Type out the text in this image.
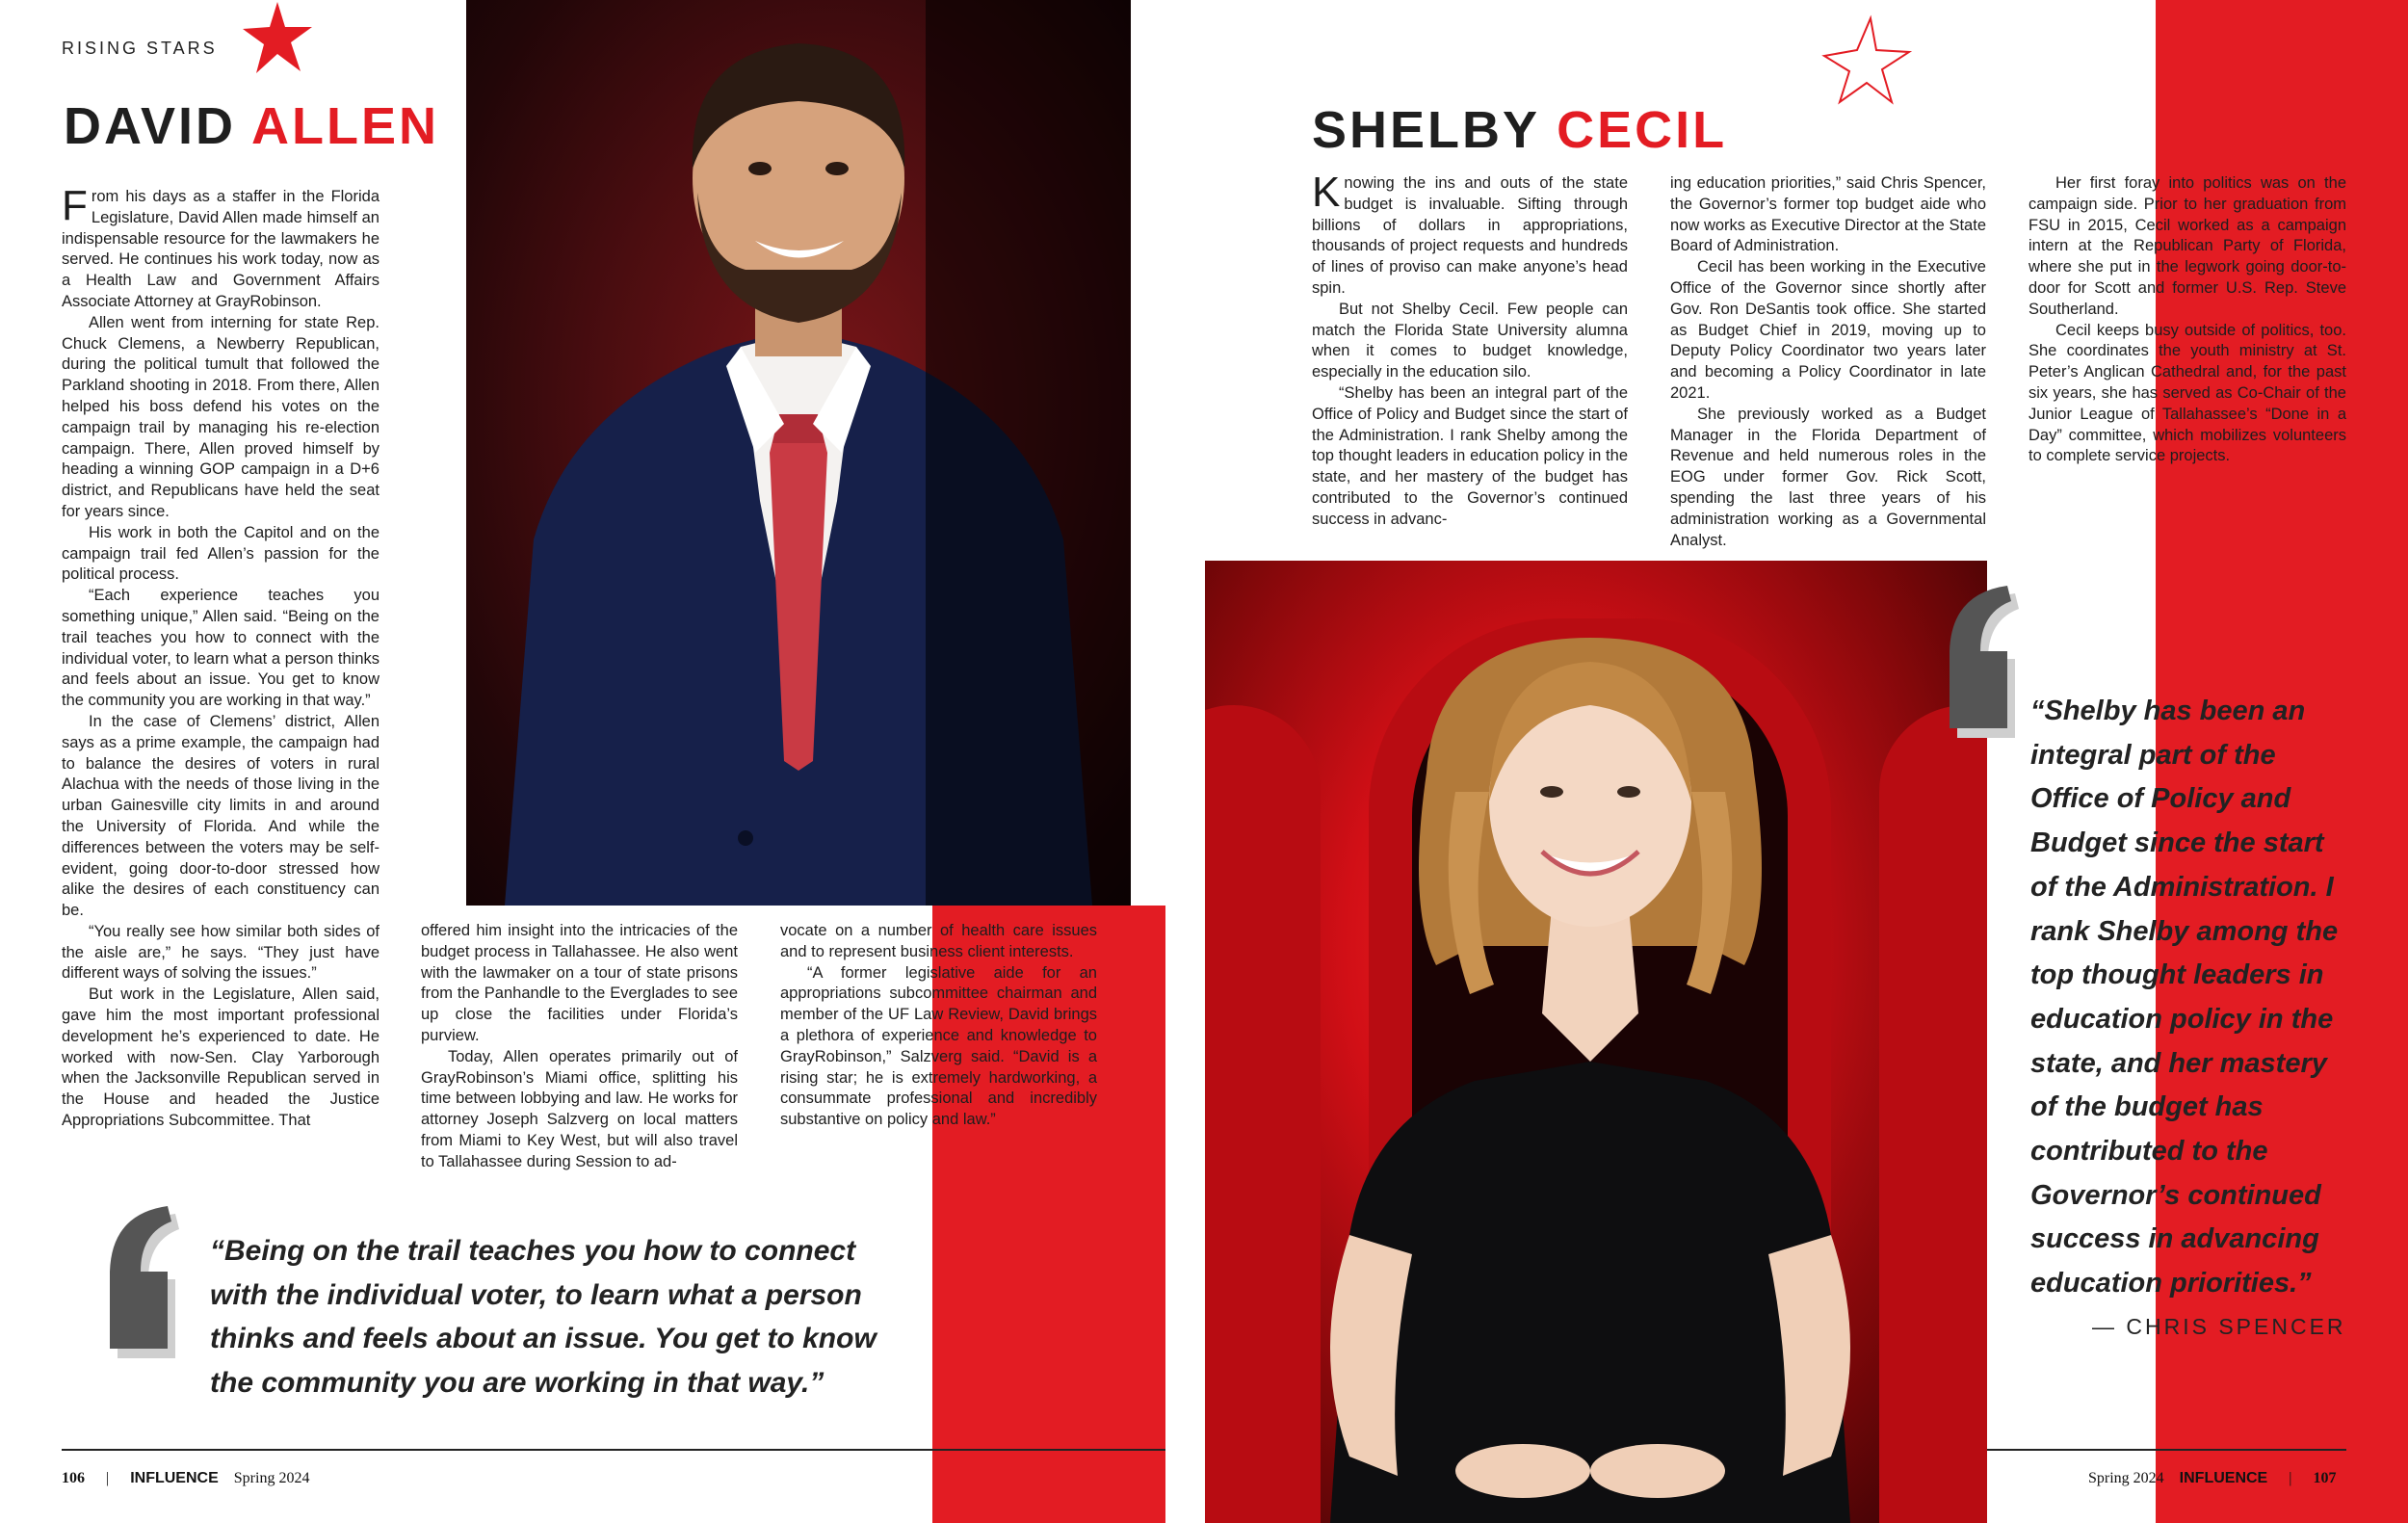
RISING STARS
DAVID ALLEN

From his days as a staffer in the Florida Legislature, David Allen made himself an indispensable resource for the lawmakers he served. He continues his work today, now as a Health Law and Government Affairs Associate Attorney at GrayRobinson.

Allen went from interning for state Rep. Chuck Clemens, a Newberry Republican, during the political tumult that followed the Parkland shooting in 2018. From there, Allen helped his boss defend his votes on the campaign trail by managing his re-election campaign. There, Allen proved himself by heading a winning GOP campaign in a D+6 district, and Republicans have held the seat for years since.

His work in both the Capitol and on the campaign trail fed Allen’s passion for the political process.

“Each experience teaches you something unique,” Allen said. “Being on the trail teaches you how to connect with the individual voter, to learn what a person thinks and feels about an issue. You get to know the community you are working in that way.”

In the case of Clemens’ district, Allen says as a prime example, the campaign had to balance the desires of voters in rural Alachua with the needs of those living in the urban Gainesville city limits in and around the University of Florida. And while the differences between the voters may be self-evident, going door-to-door stressed how alike the desires of each constituency can be.

“You really see how similar both sides of the aisle are,” he says. “They just have different ways of solving the issues.”

But work in the Legislature, Allen said, gave him the most important professional development he’s experienced to date. He worked with now-Sen. Clay Yarborough when the Jacksonville Republican served in the House and headed the Justice Appropriations Subcommittee. That

offered him insight into the intricacies of the budget process in Tallahassee. He also went with the lawmaker on a tour of state prisons from the Panhandle to the Everglades to see up close the facilities under Florida’s purview.

Today, Allen operates primarily out of GrayRobinson’s Miami office, splitting his time between lobbying and law. He works for attorney Joseph Salzverg on local matters from Miami to Key West, but will also travel to Tallahassee during Session to ad-

vocate on a number of health care issues and to represent business client interests.

“A former legislative aide for an appropriations subcommittee chairman and member of the UF Law Review, David brings a plethora of experience and knowledge to GrayRobinson,” Salzverg said. “David is a rising star; he is extremely hardworking, a consummate professional and incredibly substantive on policy and law.”

“Being on the trail teaches you how to connect with the individual voter, to learn what a person thinks and feels about an issue. You get to know the community you are working in that way.”
106 | INFLUENCE Spring 2024
SHELBY CECIL

Knowing the ins and outs of the state budget is invaluable. Sifting through billions of dollars in appropriations, thousands of project requests and hundreds of lines of proviso can make anyone’s head spin.

But not Shelby Cecil. Few people can match the Florida State University alumna when it comes to budget knowledge, especially in the education silo.

“Shelby has been an integral part of the Office of Policy and Budget since the start of the Administration. I rank Shelby among the top thought leaders in education policy in the state, and her mastery of the budget has contributed to the Governor’s continued success in advanc-

ing education priorities,” said Chris Spencer, the Governor’s former top budget aide who now works as Executive Director at the State Board of Administration.

Cecil has been working in the Executive Office of the Governor since shortly after Gov. Ron DeSantis took office. She started as Budget Chief in 2019, moving up to Deputy Policy Coordinator two years later and becoming a Policy Coordinator in late 2021.

She previously worked as a Budget Manager in the Florida Department of Revenue and held numerous roles in the EOG under former Gov. Rick Scott, spending the last three years of his administration working as a Governmental Analyst.

Her first foray into politics was on the campaign side. Prior to her graduation from FSU in 2015, Cecil worked as a campaign intern at the Republican Party of Florida, where she put in the legwork going door-to-door for Scott and former U.S. Rep. Steve Southerland.

Cecil keeps busy outside of politics, too. She coordinates the youth ministry at St. Peter’s Anglican Cathedral and, for the past six years, she has served as Co-Chair of the Junior League of Tallahassee’s “Done in a Day” committee, which mobilizes volunteers to complete service projects.

“Shelby has been an integral part of the Office of Policy and Budget since the start of the Administration. I rank Shelby among the top thought leaders in education policy in the state, and her mastery of the budget has contributed to the Governor’s continued success in advancing education priorities.”
— CHRIS SPENCER
Spring 2024 INFLUENCE | 107
